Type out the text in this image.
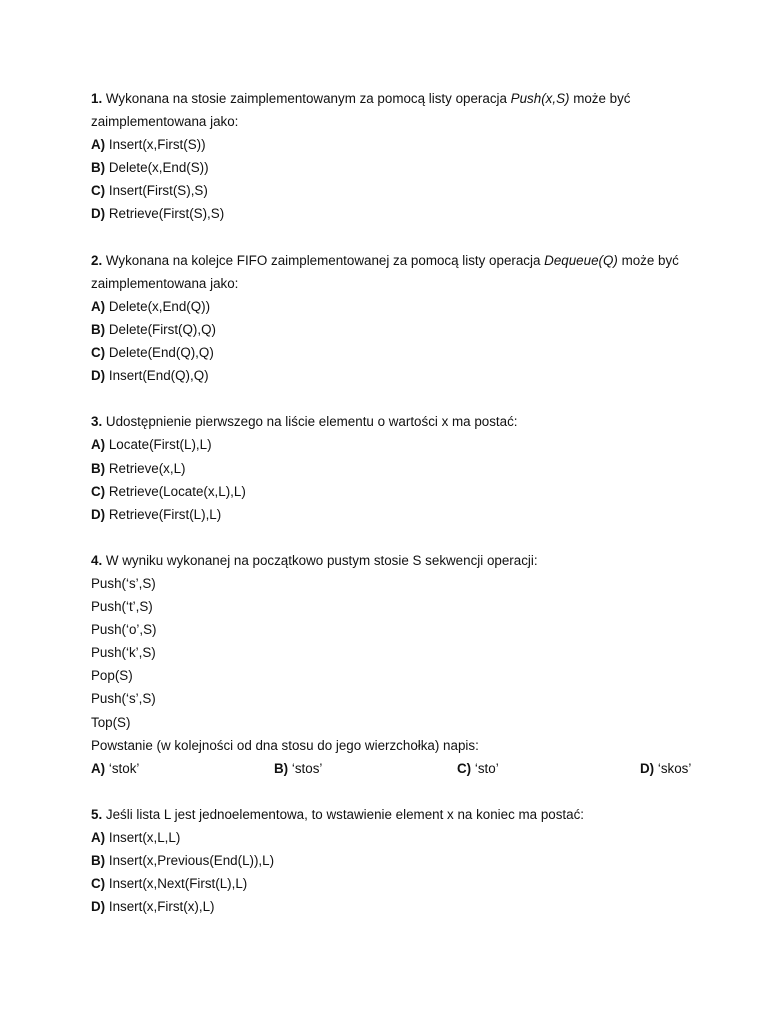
1. Wykonana na stosie zaimplementowanym za pomocą listy operacja Push(x,S) może być
zaimplementowana jako:
A) Insert(x,First(S))
B) Delete(x,End(S))
C) Insert(First(S),S)
D) Retrieve(First(S),S)
2. Wykonana na kolejce FIFO zaimplementowanej za pomocą listy operacja Dequeue(Q) może być
zaimplementowana jako:
A) Delete(x,End(Q))
B) Delete(First(Q),Q)
C) Delete(End(Q),Q)
D) Insert(End(Q),Q)
3. Udostępnienie pierwszego na liście elementu o wartości x ma postać:
A) Locate(First(L),L)
B) Retrieve(x,L)
C) Retrieve(Locate(x,L),L)
D) Retrieve(First(L),L)
4. W wyniku wykonanej na początkowo pustym stosie S sekwencji operacji:
Push(‘s’,S)
Push(‘t’,S)
Push(‘o’,S)
Push(‘k’,S)
Pop(S)
Push(‘s’,S)
Top(S)
Powstanie (w kolejności od dna stosu do jego wierzchołka) napis:
A) ‘stok’	B) ‘stos’	C) ‘sto’	D) ‘skos’
5. Jeśli lista L jest jednoelementowa, to wstawienie element x na koniec ma postać:
A) Insert(x,L,L)
B) Insert(x,Previous(End(L)),L)
C) Insert(x,Next(First(L),L)
D) Insert(x,First(x),L)
